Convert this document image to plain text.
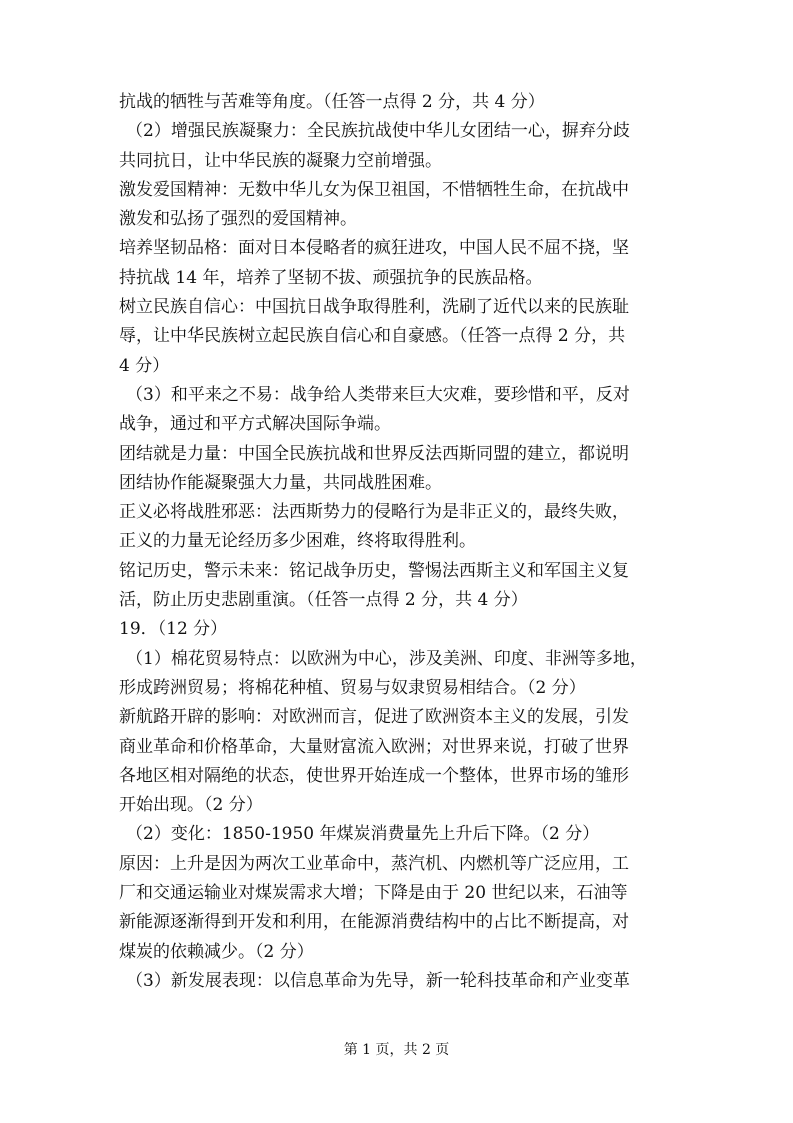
抗战的牺牲与苦难等角度。（任答一点得 2 分，共 4 分）
（2）增强民族凝聚力：全民族抗战使中华儿女团结一心，摒弃分歧
共同抗日，让中华民族的凝聚力空前增强。
激发爱国精神：无数中华儿女为保卫祖国，不惜牺牲生命，在抗战中
激发和弘扬了强烈的爱国精神。
培养坚韧品格：面对日本侵略者的疯狂进攻，中国人民不屈不挠，坚
持抗战 14 年，培养了坚韧不拔、顽强抗争的民族品格。
树立民族自信心：中国抗日战争取得胜利，洗刷了近代以来的民族耻
辱，让中华民族树立起民族自信心和自豪感。（任答一点得 2 分，共
4 分）
（3）和平来之不易：战争给人类带来巨大灾难，要珍惜和平，反对
战争，通过和平方式解决国际争端。
团结就是力量：中国全民族抗战和世界反法西斯同盟的建立，都说明
团结协作能凝聚强大力量，共同战胜困难。
正义必将战胜邪恶：法西斯势力的侵略行为是非正义的，最终失败，
正义的力量无论经历多少困难，终将取得胜利。
铭记历史，警示未来：铭记战争历史，警惕法西斯主义和军国主义复
活，防止历史悲剧重演。（任答一点得 2 分，共 4 分）
19．（12 分）
（1）棉花贸易特点：以欧洲为中心，涉及美洲、印度、非洲等多地，
形成跨洲贸易；将棉花种植、贸易与奴隶贸易相结合。（2 分）
新航路开辟的影响：对欧洲而言，促进了欧洲资本主义的发展，引发
商业革命和价格革命，大量财富流入欧洲；对世界来说，打破了世界
各地区相对隔绝的状态，使世界开始连成一个整体，世界市场的雏形
开始出现。（2 分）
（2）变化：1850-1950 年煤炭消费量先上升后下降。（2 分）
原因：上升是因为两次工业革命中，蒸汽机、内燃机等广泛应用，工
厂和交通运输业对煤炭需求大增；下降是由于 20 世纪以来，石油等
新能源逐渐得到开发和利用，在能源消费结构中的占比不断提高，对
煤炭的依赖减少。（2 分）
（3）新发展表现：以信息革命为先导，新一轮科技革命和产业变革
第 1 页，共 2 页
